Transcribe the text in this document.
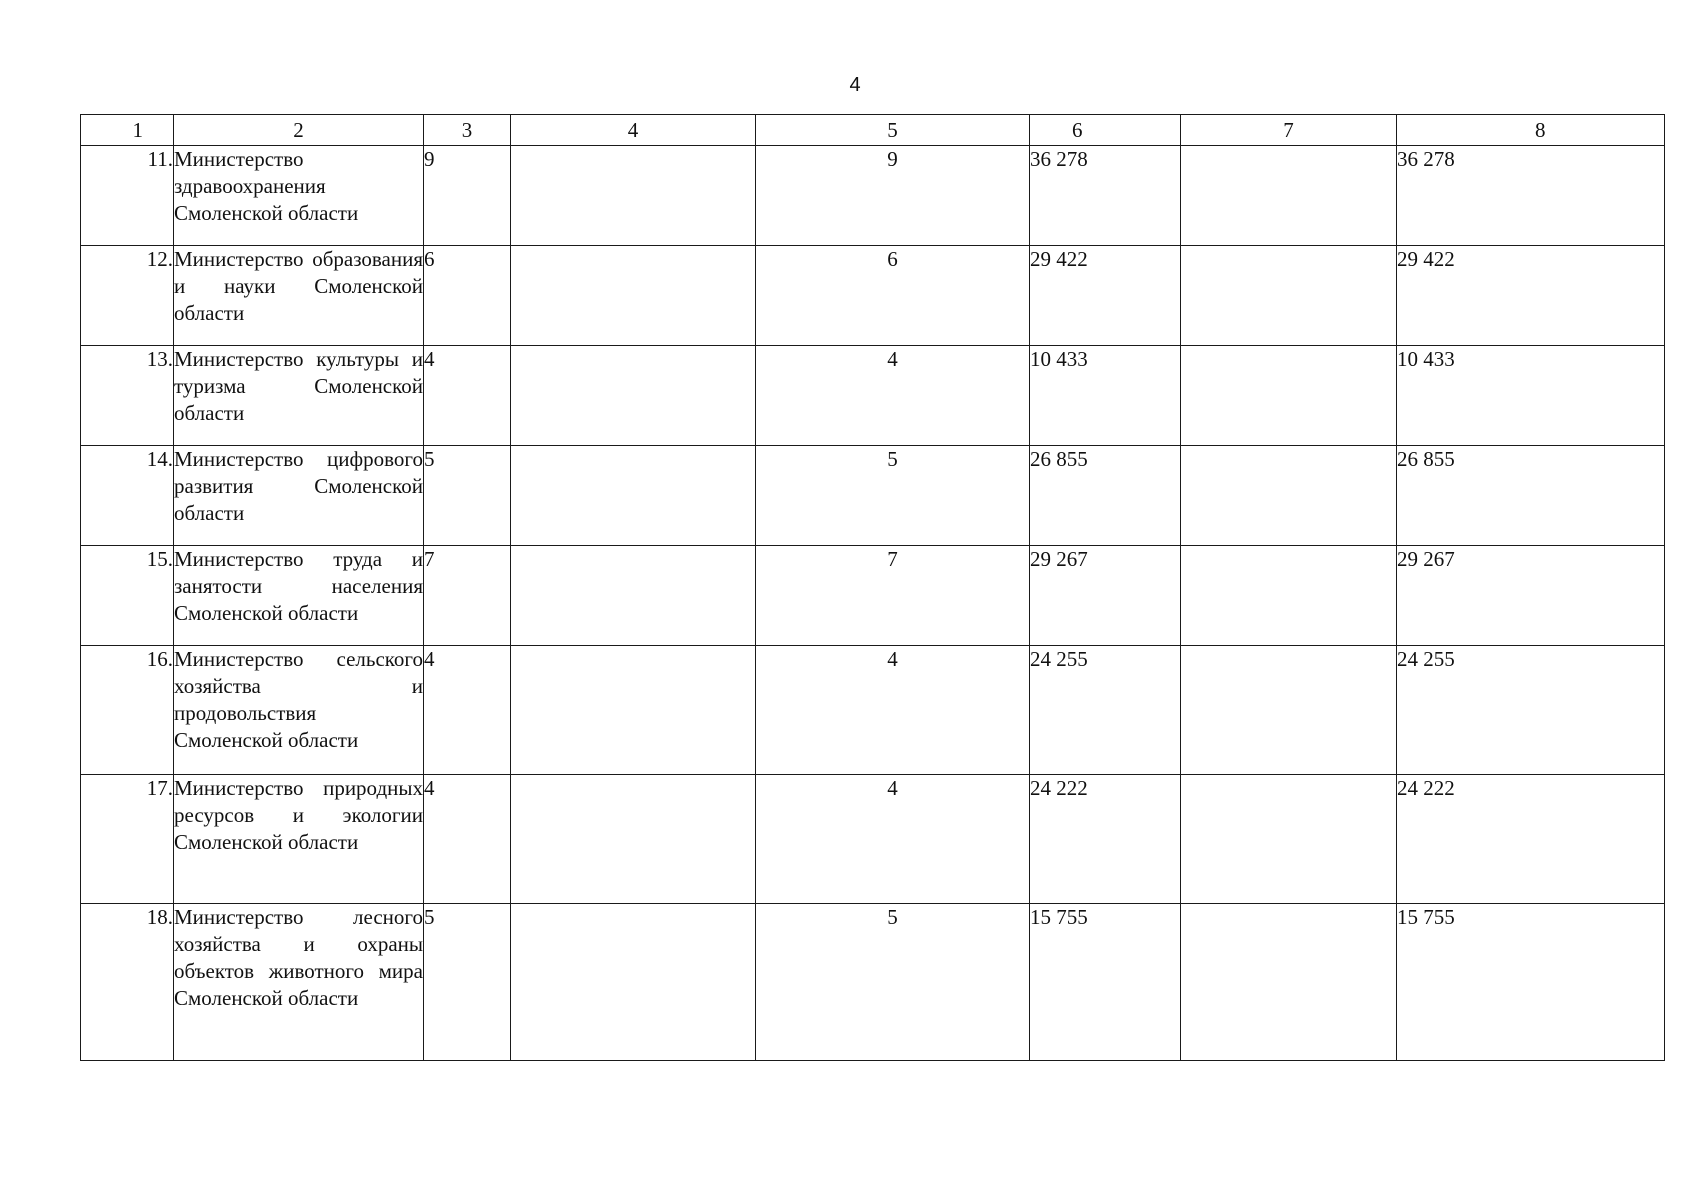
4
1	2	3	4	5	6	7	8
11.	Министерство здравоохранения Смоленской области	9		9	36 278		36 278
12.	Министерство образования и науки Смоленской области	6		6	29 422		29 422
13.	Министерство культуры и туризма Смоленской области	4		4	10 433		10 433
14.	Министерство цифрового развития Смоленской области	5		5	26 855		26 855
15.	Министерство труда и занятости населения Смоленской области	7		7	29 267		29 267
16.	Министерство сельского хозяйства и продовольствия Смоленской области	4		4	24 255		24 255
17.	Министерство природных ресурсов и экологии Смоленской области	4		4	24 222		24 222
18.	Министерство лесного хозяйства и охраны объектов животного мира Смоленской области	5		5	15 755		15 755
